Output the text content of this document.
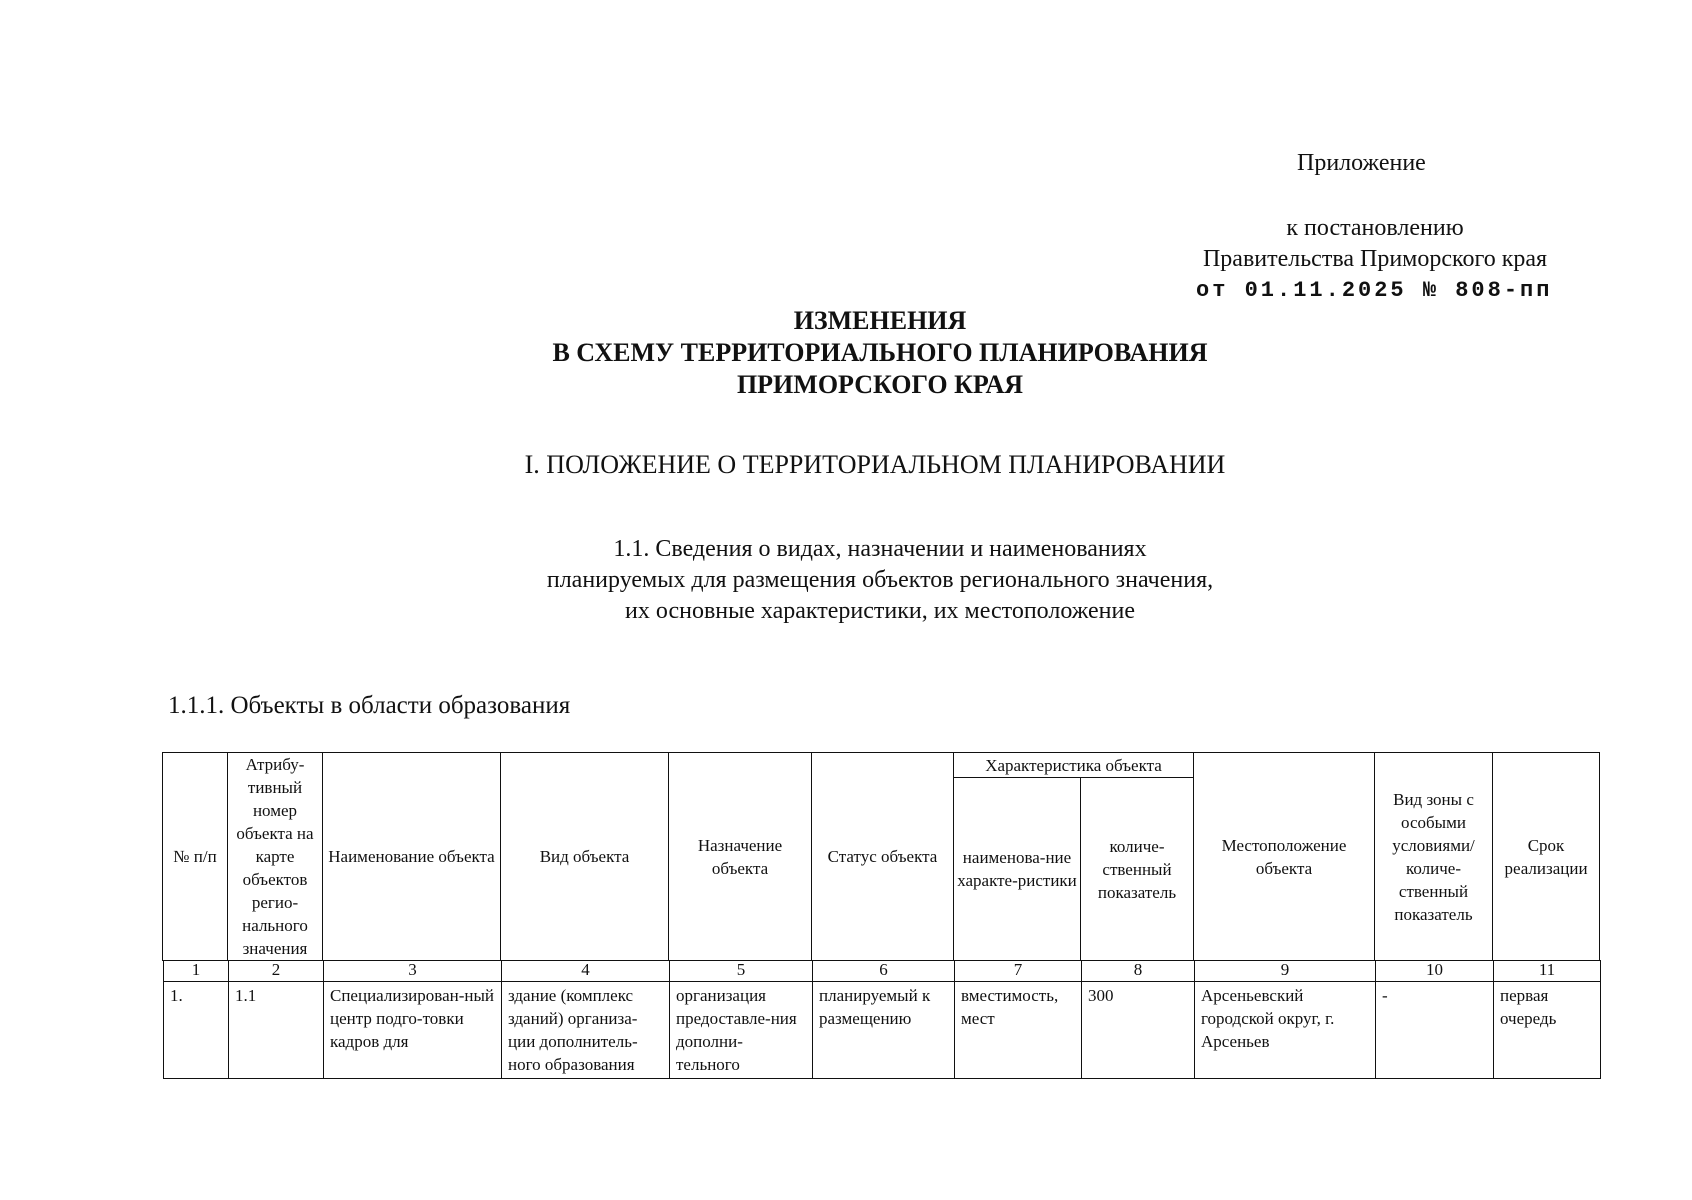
Приложение
к постановлению
Правительства Приморского края
от 01.11.2025 № 808-пп
ИЗМЕНЕНИЯ
В СХЕМУ ТЕРРИТОРИАЛЬНОГО ПЛАНИРОВАНИЯ
ПРИМОРСКОГО КРАЯ
I. ПОЛОЖЕНИЕ О ТЕРРИТОРИАЛЬНОМ ПЛАНИРОВАНИИ
1.1. Сведения о видах, назначении и наименованиях
планируемых для размещения объектов регионального значения,
их основные характеристики, их местоположение
1.1.1. Объекты в области образования
№ п/п	Атрибу-тивный номер объекта на карте объектов регио-нального значения	Наименование объекта	Вид объекта	Назначение объекта	Статус объекта	Характеристика объекта		Местоположение объекта	Вид зоны с особыми условиями/ количе-ственный показатель	Срок реализации
						наименова-ние характе-ристики	количе-ственный показатель			
1	2	3	4	5	6	7	8	9	10	11
1.	1.1	Специализирован-ный центр подго-товки кадров для	здание (комплекс зданий) организа-ции дополнитель-ного образования	организация предоставле-ния дополни-тельного	планируемый к размещению	вместимость, мест	300	Арсеньевский городской округ, г. Арсеньев	-	первая очередь
